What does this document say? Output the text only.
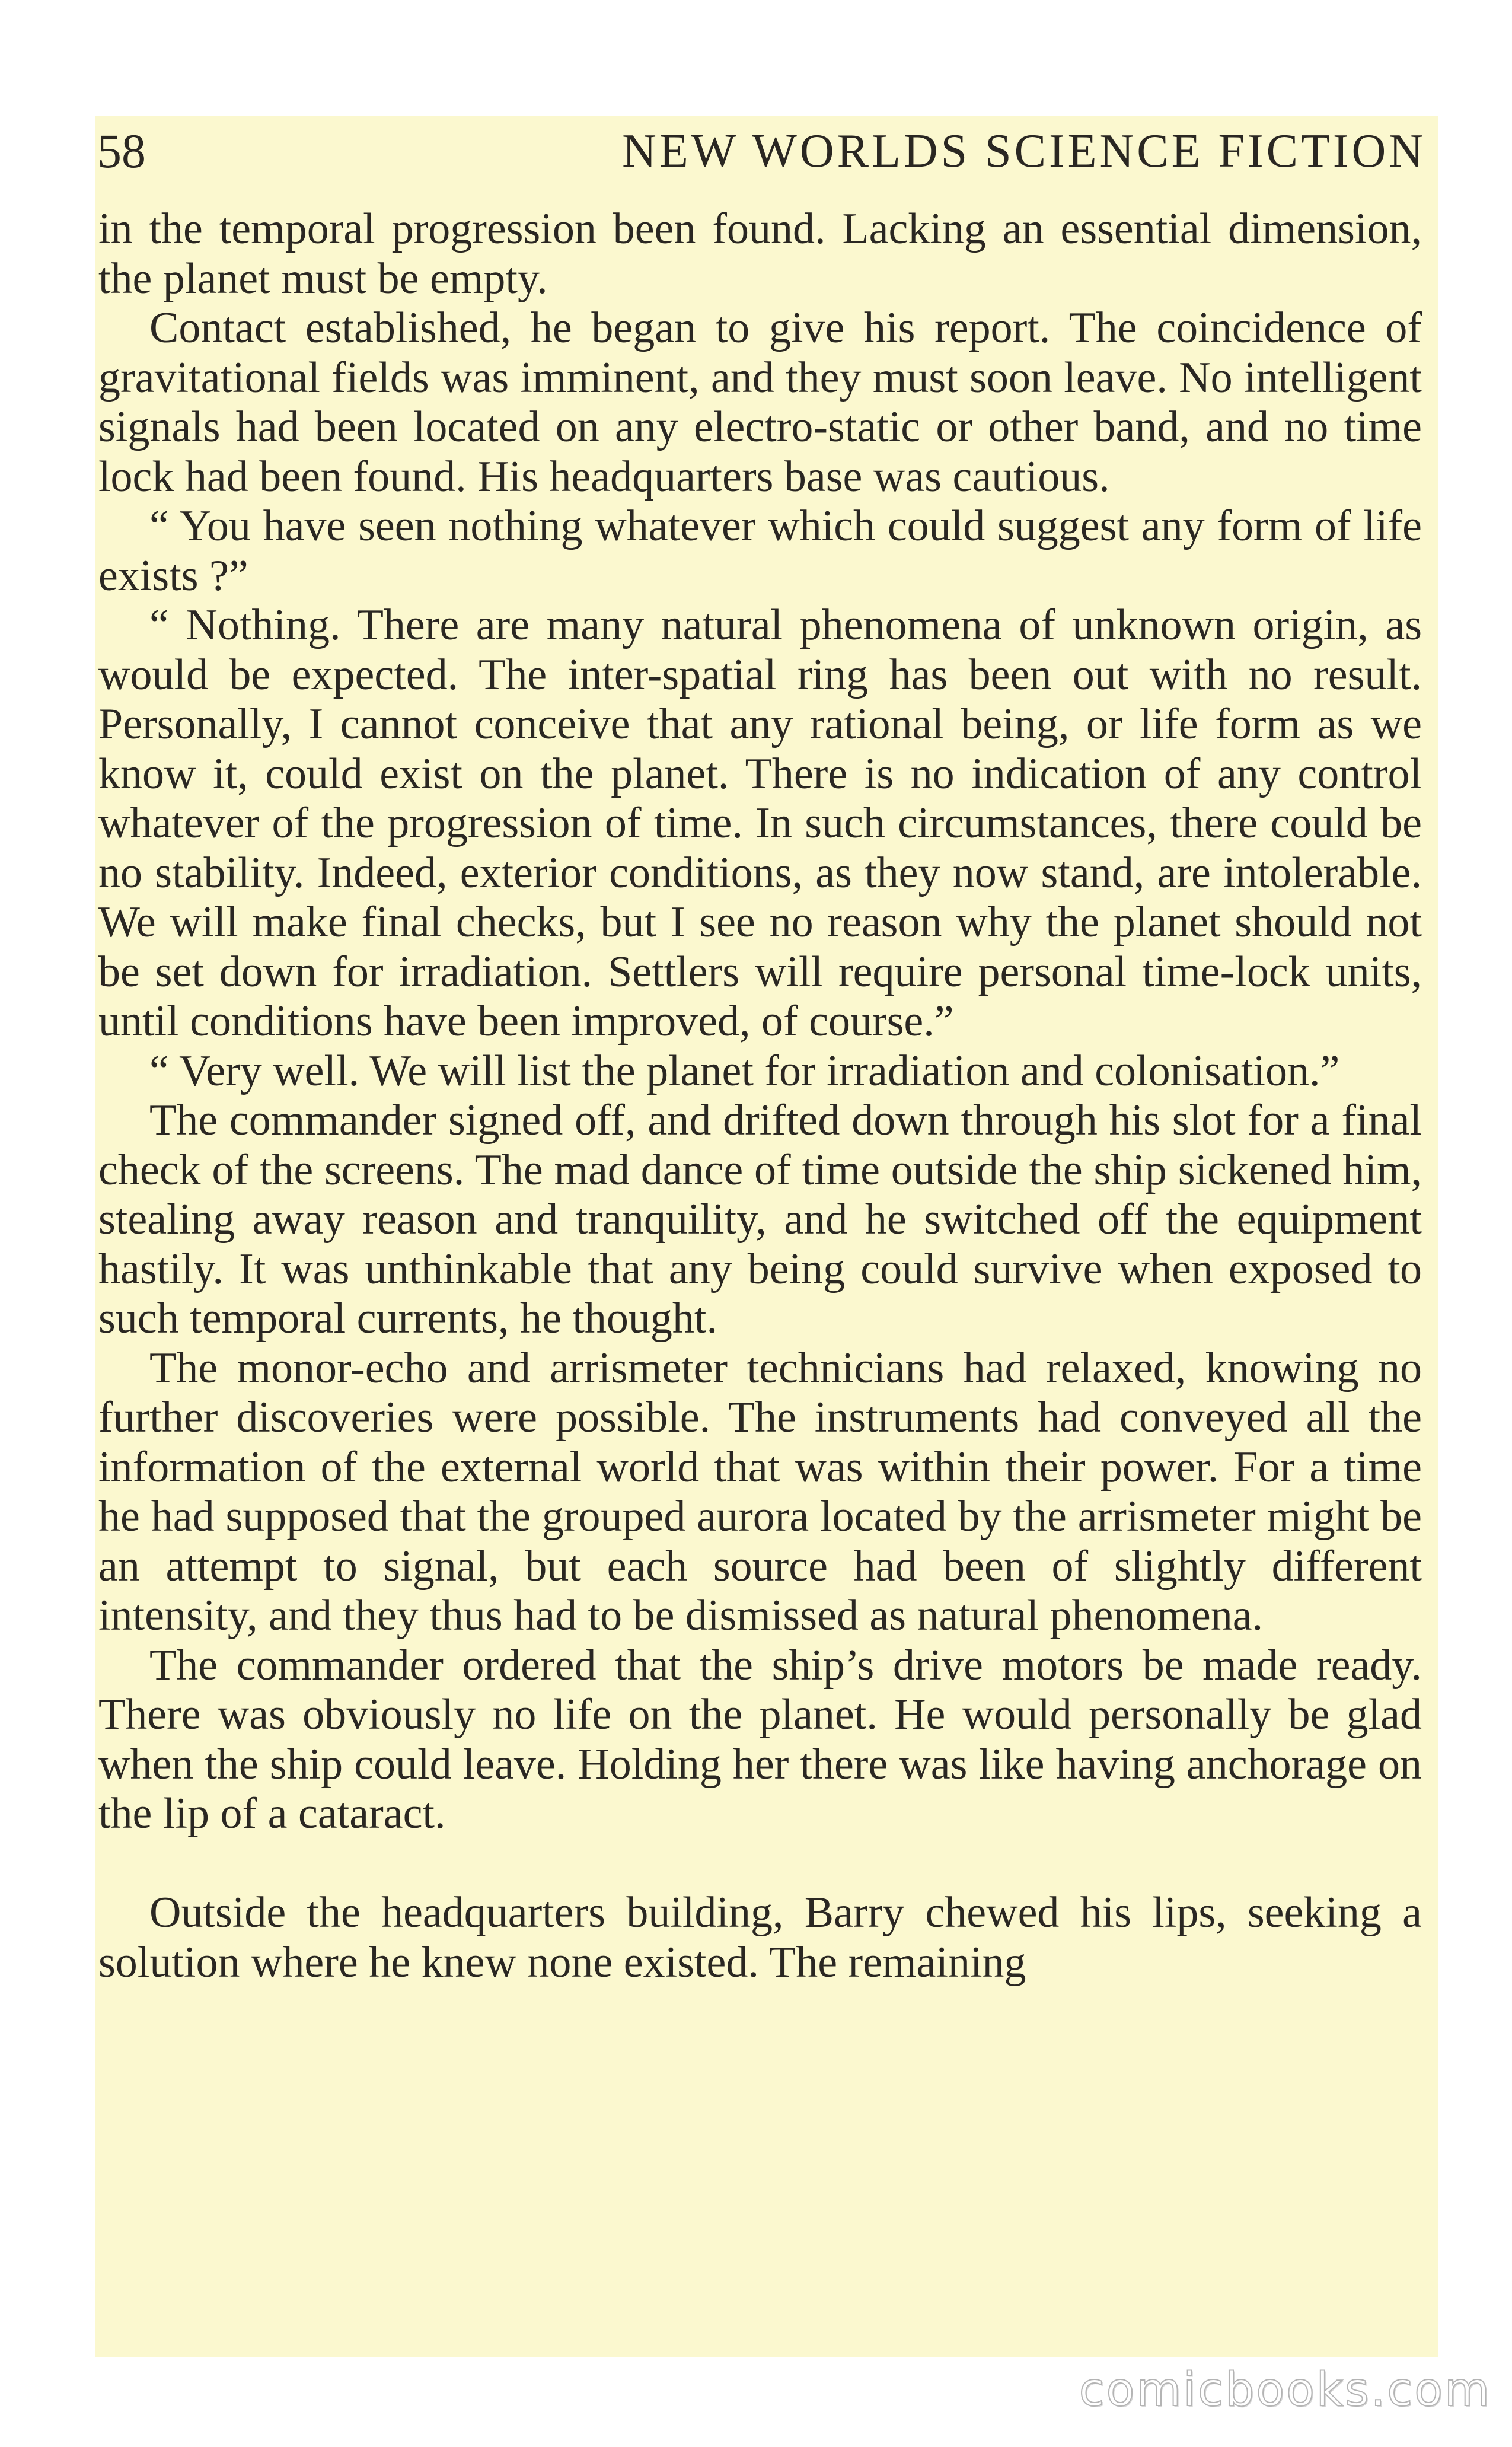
58	NEW WORLDS SCIENCE FICTION

in the temporal progression been found. Lacking an essential dimension, the planet must be empty.

Contact established, he began to give his report. The coincidence of gravitational fields was imminent, and they must soon leave. No intelligent signals had been located on any electro-static or other band, and no time lock had been found. His headquarters base was cautious.

“ You have seen nothing whatever which could suggest any form of life exists ?”

“ Nothing. There are many natural phenomena of unknown origin, as would be expected. The inter-spatial ring has been out with no result. Personally, I cannot conceive that any rational being, or life form as we know it, could exist on the planet. There is no indication of any control whatever of the progression of time. In such circumstances, there could be no stability. Indeed, exterior conditions, as they now stand, are intolerable. We will make final checks, but I see no reason why the planet should not be set down for irradiation. Settlers will require personal time-lock units, until conditions have been improved, of course.”

“ Very well. We will list the planet for irradiation and colonisation.”

The commander signed off, and drifted down through his slot for a final check of the screens. The mad dance of time outside the ship sickened him, stealing away reason and tranquility, and he switched off the equipment hastily. It was unthinkable that any being could survive when exposed to such temporal currents, he thought.

The monor-echo and arrismeter technicians had relaxed, knowing no further discoveries were possible. The instruments had conveyed all the information of the external world that was within their power. For a time he had supposed that the grouped aurora located by the arrismeter might be an attempt to signal, but each source had been of slightly different intensity, and they thus had to be dismissed as natural phenomena.

The commander ordered that the ship’s drive motors be made ready. There was obviously no life on the planet. He would personally be glad when the ship could leave. Holding her there was like having anchorage on the lip of a cataract.

Outside the headquarters building, Barry chewed his lips, seeking a solution where he knew none existed. The remaining

comicbooks.com
